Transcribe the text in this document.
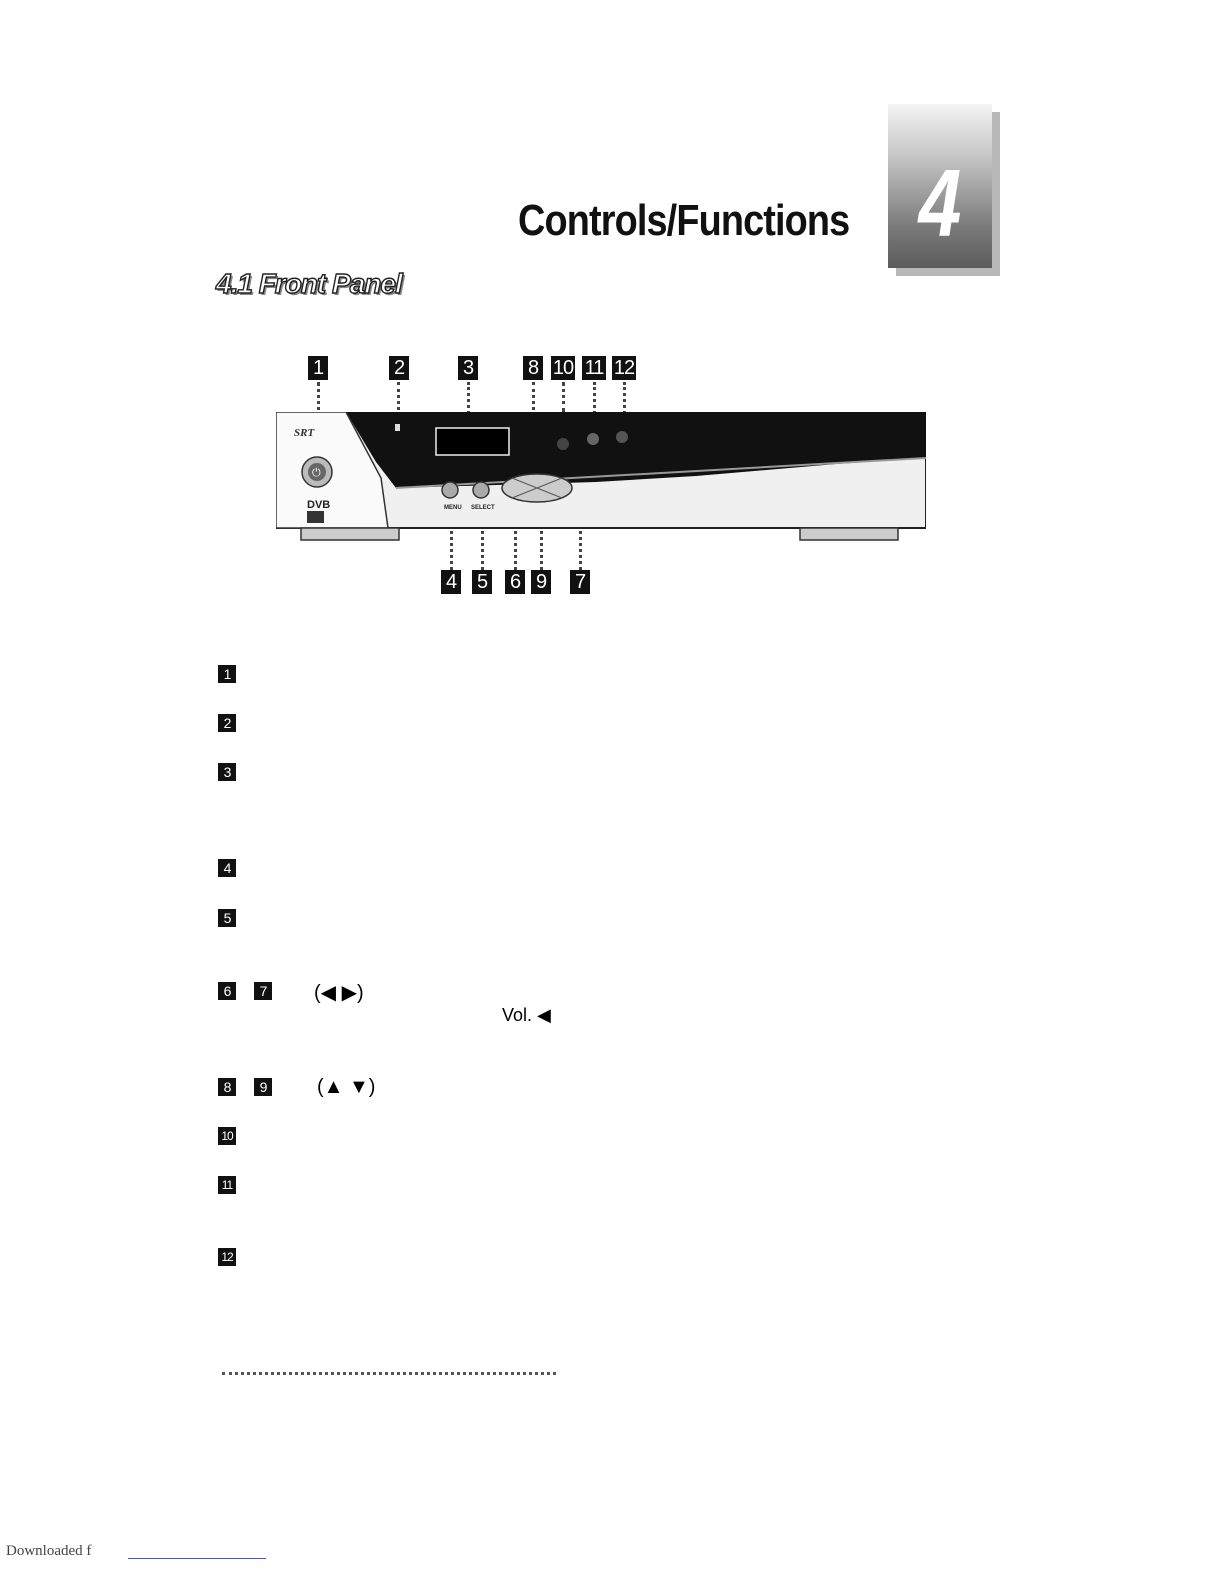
4
Controls/Functions
4.1 Front Panel
1	2	3	8 10 11 12
SRT
⏻
DVB	MENU SELECT
4 5 6 9 7
1
2
3
4
5
6	7 (◀ ▶)
Vol. ◀
8	9	(▲ ▼)
10
11
12
Downloaded f
